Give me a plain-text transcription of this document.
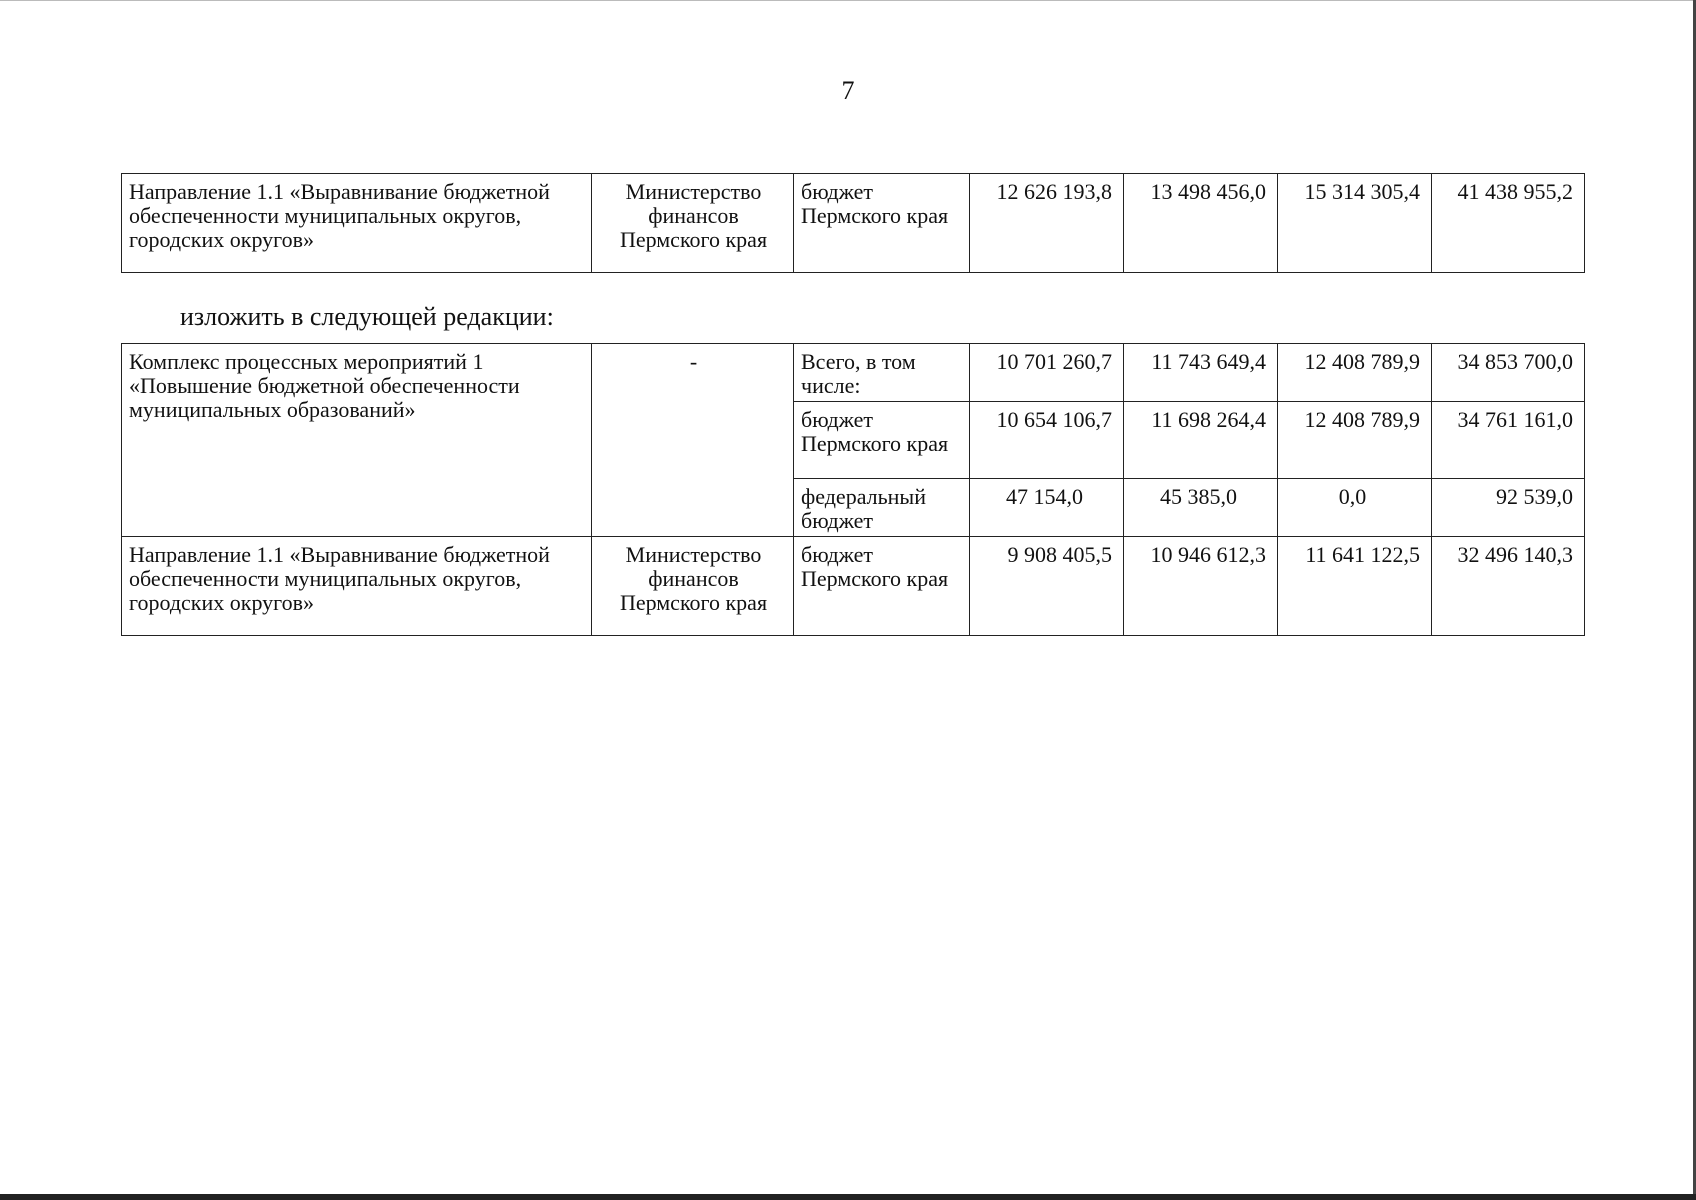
7
Направление 1.1 «Выравнивание бюджетной обеспеченности муниципальных округов, городских округов»	Министерство финансов Пермского края	бюджет Пермского края	12 626 193,8	13 498 456,0	15 314 305,4	41 438 955,2
изложить в следующей редакции:
Комплекс процессных мероприятий 1 «Повышение бюджетной обеспеченности муниципальных образований»	-	Всего, в том числе:	10 701 260,7	11 743 649,4	12 408 789,9	34 853 700,0
		бюджет Пермского края	10 654 106,7	11 698 264,4	12 408 789,9	34 761 161,0
		федеральный бюджет	47 154,0	45 385,0	0,0	92 539,0
Направление 1.1 «Выравнивание бюджетной обеспеченности муниципальных округов, городских округов»	Министерство финансов Пермского края	бюджет Пермского края	9 908 405,5	10 946 612,3	11 641 122,5	32 496 140,3
